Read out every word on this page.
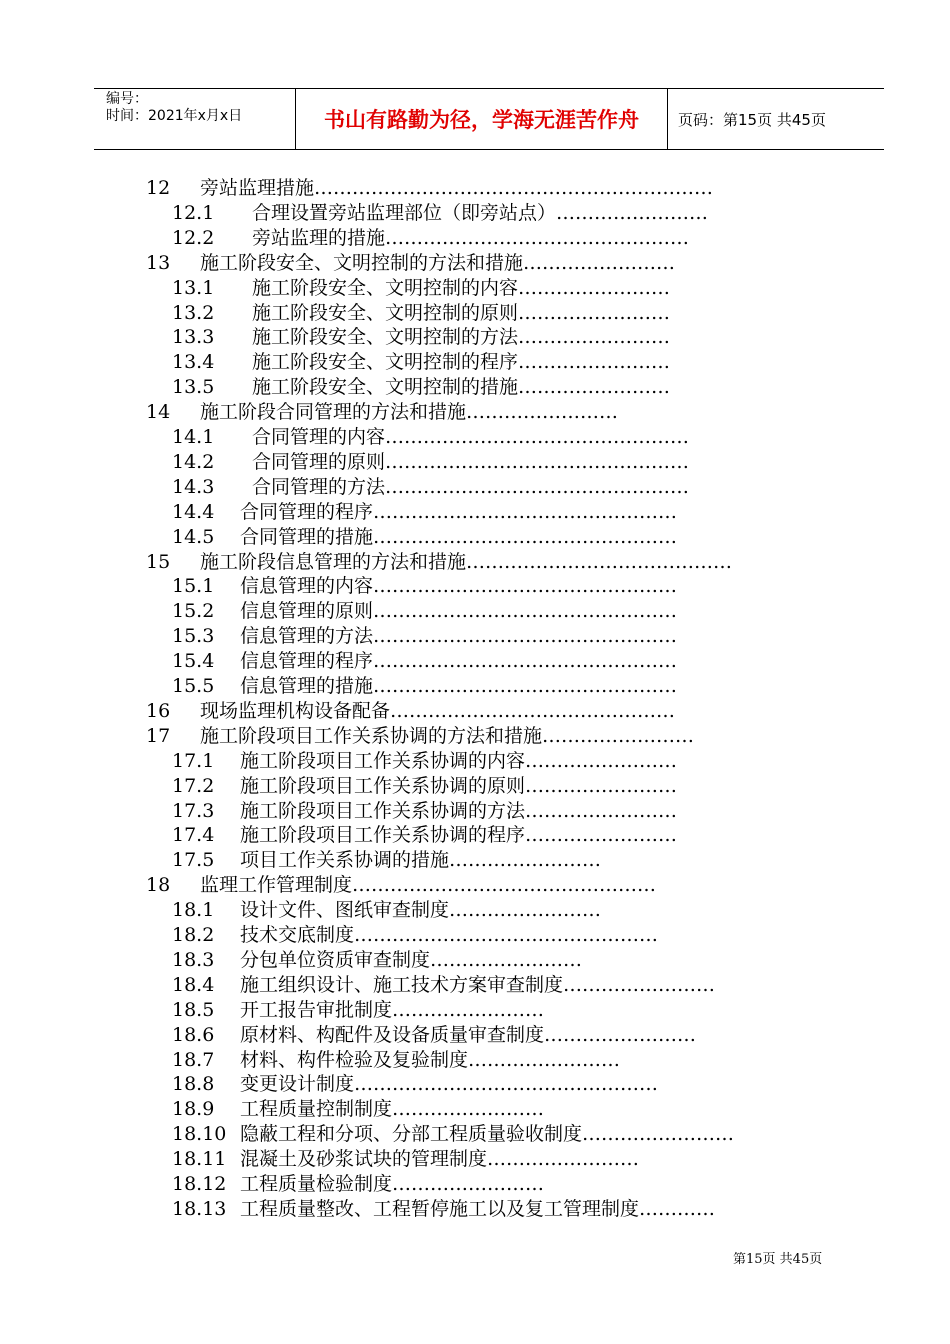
编号：
时间：2021年x月x日	书山有路勤为径，学海无涯苦作舟	页码：第15页 共45页
12 旁站监理措施………………………………………………………
12.1 合理设置旁站监理部位（即旁站点）……………………
12.2 旁站监理的措施…………………………………………
13 施工阶段安全、文明控制的方法和措施……………………
13.1 施工阶段安全、文明控制的内容……………………
13.2 施工阶段安全、文明控制的原则……………………
13.3 施工阶段安全、文明控制的方法……………………
13.4 施工阶段安全、文明控制的程序……………………
13.5 施工阶段安全、文明控制的措施……………………
14 施工阶段合同管理的方法和措施……………………
14.1 合同管理的内容…………………………………………
14.2 合同管理的原则…………………………………………
14.3 合同管理的方法…………………………………………
14.4 合同管理的程序…………………………………………
14.5 合同管理的措施…………………………………………
15 施工阶段信息管理的方法和措施……………………………………
15.1 信息管理的内容…………………………………………
15.2 信息管理的原则…………………………………………
15.3 信息管理的方法…………………………………………
15.4 信息管理的程序…………………………………………
15.5 信息管理的措施…………………………………………
16 现场监理机构设备配备………………………………………
17 施工阶段项目工作关系协调的方法和措施……………………
17.1 施工阶段项目工作关系协调的内容……………………
17.2 施工阶段项目工作关系协调的原则……………………
17.3 施工阶段项目工作关系协调的方法……………………
17.4 施工阶段项目工作关系协调的程序……………………
17.5 项目工作关系协调的措施……………………
18 监理工作管理制度…………………………………………
18.1 设计文件、图纸审查制度……………………
18.2 技术交底制度…………………………………………
18.3 分包单位资质审查制度……………………
18.4 施工组织设计、施工技术方案审查制度……………………
18.5 开工报告审批制度……………………
18.6 原材料、构配件及设备质量审查制度……………………
18.7 材料、构件检验及复验制度……………………
18.8 变更设计制度…………………………………………
18.9 工程质量控制制度……………………
18.10 隐蔽工程和分项、分部工程质量验收制度……………………
18.11 混凝土及砂浆试块的管理制度……………………
18.12 工程质量检验制度……………………
18.13 工程质量整改、工程暂停施工以及复工管理制度…………
第15页 共45页
